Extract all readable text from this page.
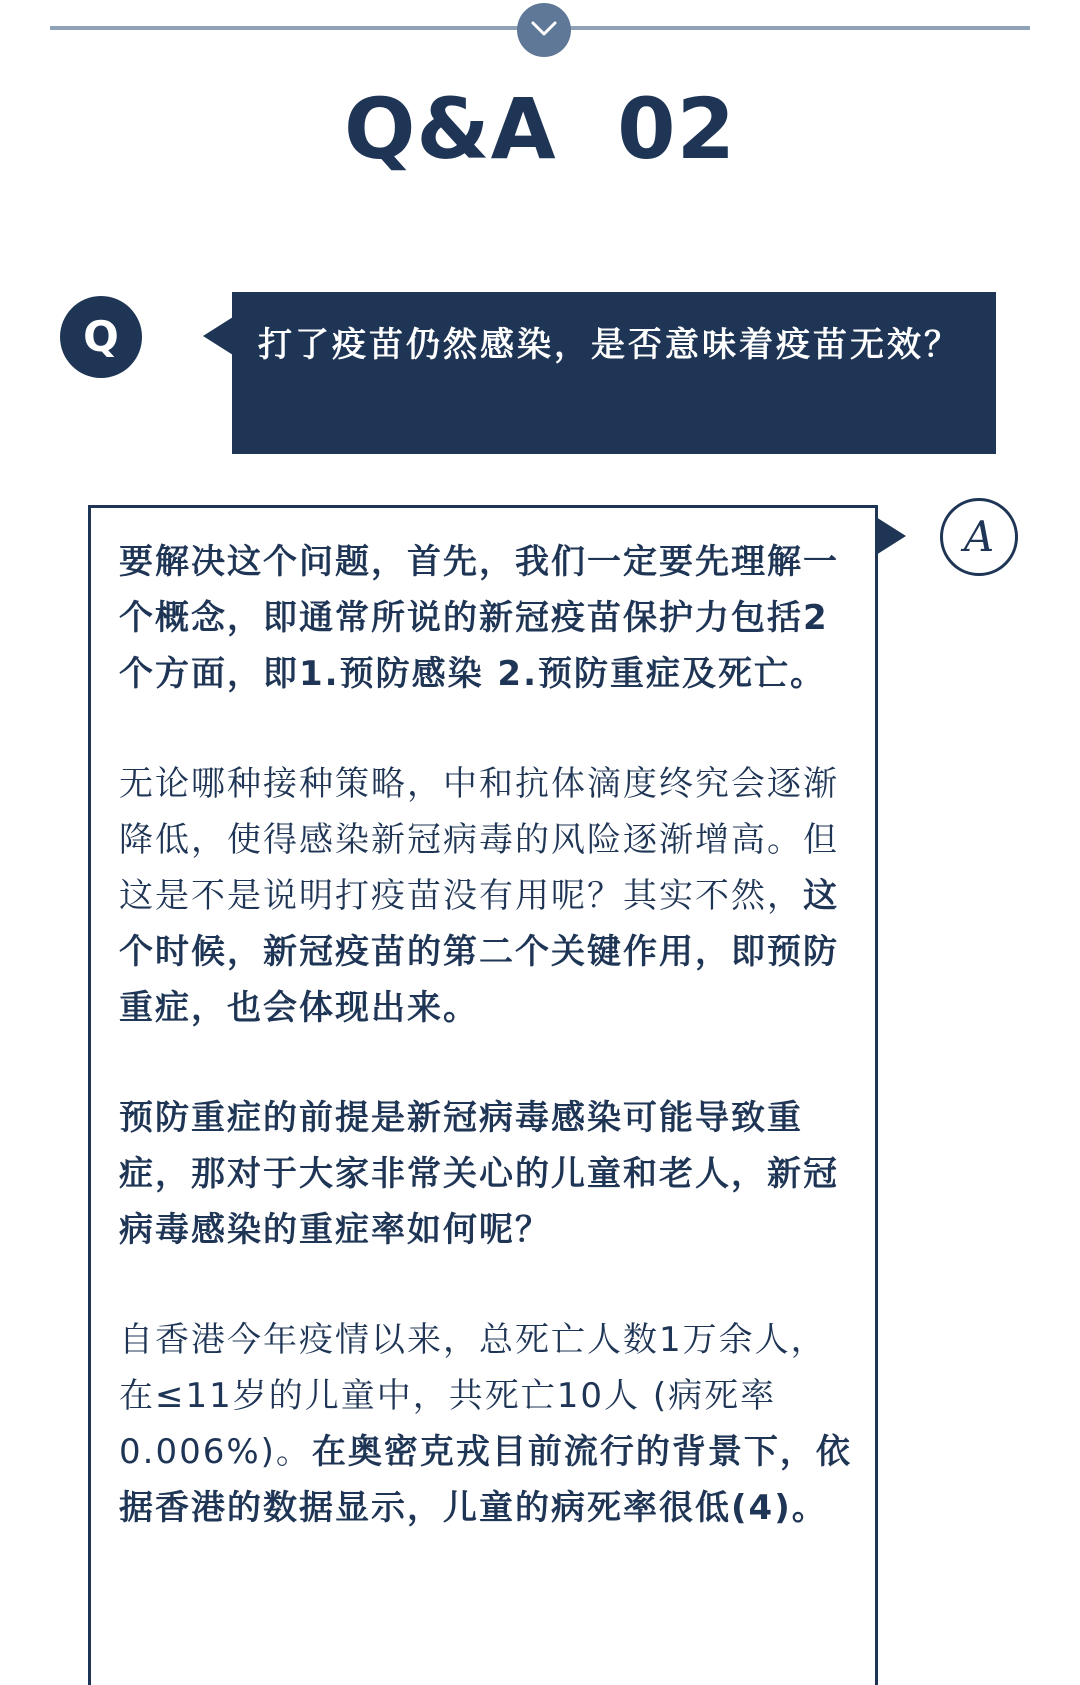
Q&A  02
Q	打了疫苗仍然感染，是否意味着疫苗无效？
A

要解决这个问题，首先，我们一定要先理解一个概念，即通常所说的新冠疫苗保护力包括2个方面，即1.预防感染 2.预防重症及死亡。

无论哪种接种策略，中和抗体滴度终究会逐渐降低，使得感染新冠病毒的风险逐渐增高。但这是不是说明打疫苗没有用呢？其实不然，这个时候，新冠疫苗的第二个关键作用，即预防重症，也会体现出来。

预防重症的前提是新冠病毒感染可能导致重症，那对于大家非常关心的儿童和老人，新冠病毒感染的重症率如何呢？

自香港今年疫情以来，总死亡人数1万余人，在≤11岁的儿童中，共死亡10人 (病死率0.006%)。在奥密克戎目前流行的背景下，依据香港的数据显示，儿童的病死率很低(4)。
